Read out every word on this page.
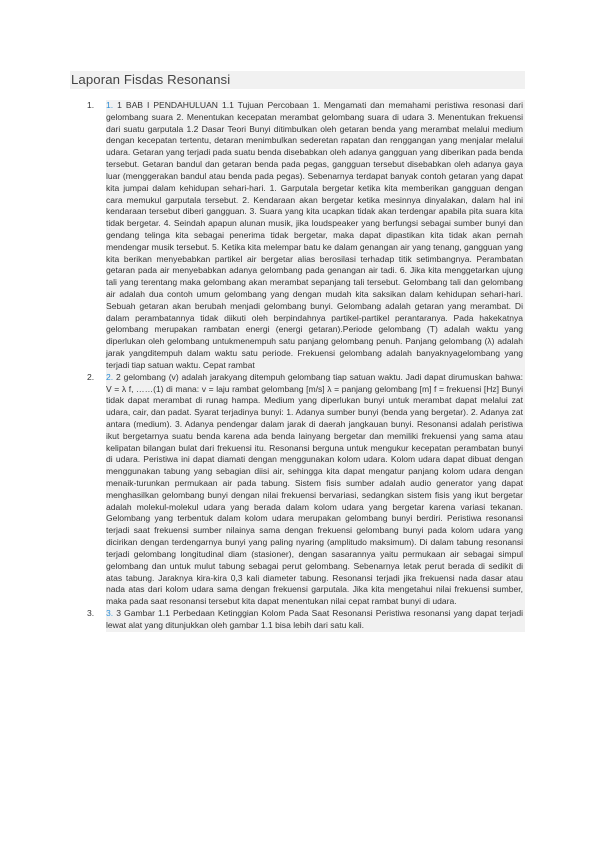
Laporan Fisdas Resonansi
1. 1. 1 BAB I PENDAHULUAN 1.1 Tujuan Percobaan 1. Mengamati dan memahami peristiwa resonasi dari gelombang suara 2. Menentukan kecepatan merambat gelombang suara di udara 3. Menentukan frekuensi dari suatu garputala 1.2 Dasar Teori Bunyi ditimbulkan oleh getaran benda yang merambat melalui medium dengan kecepatan tertentu, detaran menimbulkan sederetan rapatan dan renggangan yang menjalar melalui udara. Getaran yang terjadi pada suatu benda disebabkan oleh adanya gangguan yang diberikan pada benda tersebut. Getaran bandul dan getaran benda pada pegas, gangguan tersebut disebabkan oleh adanya gaya luar (menggerakan bandul atau benda pada pegas). Sebenarnya terdapat banyak contoh getaran yang dapat kita jumpai dalam kehidupan sehari-hari. 1. Garputala bergetar ketika kita memberikan gangguan dengan cara memukul garputala tersebut. 2. Kendaraan akan bergetar ketika mesinnya dinyalakan, dalam hal ini kendaraan tersebut diberi gangguan. 3. Suara yang kita ucapkan tidak akan terdengar apabila pita suara kita tidak bergetar. 4. Seindah apapun alunan musik, jika loudspeaker yang berfungsi sebagai sumber bunyi dan gendang telinga kita sebagai penerima tidak bergetar, maka dapat dipastikan kita tidak akan pernah mendengar musik tersebut. 5. Ketika kita melempar batu ke dalam genangan air yang tenang, gangguan yang kita berikan menyebabkan partikel air bergetar alias berosilasi terhadap titik setimbangnya. Perambatan getaran pada air menyebabkan adanya gelombang pada genangan air tadi. 6. Jika kita menggetarkan ujung tali yang terentang maka gelombang akan merambat sepanjang tali tersebut. Gelombang tali dan gelombang air adalah dua contoh umum gelombang yang dengan mudah kita saksikan dalam kehidupan sehari-hari. Sebuah getaran akan berubah menjadi gelombang bunyi. Gelombang adalah getaran yang merambat. Di dalam perambatannya tidak diikuti oleh berpindahnya partikel-partikel perantaranya. Pada hakekatnya gelombang merupakan rambatan energi (energi getaran).Periode gelombang (T) adalah waktu yang diperlukan oleh gelombang untukmenempuh satu panjang gelombang penuh. Panjang gelombang (λ) adalah jarak yangditempuh dalam waktu satu periode. Frekuensi gelombang adalah banyaknyagelombang yang terjadi tiap satuan waktu. Cepat rambat
2. 2. 2 gelombang (v) adalah jarakyang ditempuh gelombang tiap satuan waktu. Jadi dapat dirumuskan bahwa: V = λ f, ……(1) di mana: v = laju rambat gelombang [m/s] λ = panjang gelombang [m] f = frekuensi [Hz] Bunyi tidak dapat merambat di runag hampa. Medium yang diperlukan bunyi untuk merambat dapat melalui zat udara, cair, dan padat. Syarat terjadinya bunyi: 1. Adanya sumber bunyi (benda yang bergetar). 2. Adanya zat antara (medium). 3. Adanya pendengar dalam jarak di daerah jangkauan bunyi. Resonansi adalah peristiwa ikut bergetarnya suatu benda karena ada benda lainyang bergetar dan memiliki frekuensi yang sama atau kelipatan bilangan bulat dari frekuensi itu. Resonansi berguna untuk mengukur kecepatan perambatan bunyi di udara. Peristiwa ini dapat diamati dengan menggunakan kolom udara. Kolom udara dapat dibuat dengan menggunakan tabung yang sebagian diisi air, sehingga kita dapat mengatur panjang kolom udara dengan menaik-turunkan permukaan air pada tabung. Sistem fisis sumber adalah audio generator yang dapat menghasilkan gelombang bunyi dengan nilai frekuensi bervariasi, sedangkan sistem fisis yang ikut bergetar adalah molekul-molekul udara yang berada dalam kolom udara yang bergetar karena variasi tekanan. Gelombang yang terbentuk dalam kolom udara merupakan gelombang bunyi berdiri. Peristiwa resonansi terjadi saat frekuensi sumber nilainya sama dengan frekuensi gelombang bunyi pada kolom udara yang dicirikan dengan terdengarnya bunyi yang paling nyaring (amplitudo maksimum). Di dalam tabung resonansi terjadi gelombang longitudinal diam (stasioner), dengan sasarannya yaitu permukaan air sebagai simpul gelombang dan untuk mulut tabung sebagai perut gelombang. Sebenarnya letak perut berada di sedikit di atas tabung. Jaraknya kira-kira 0,3 kali diameter tabung. Resonansi terjadi jika frekuensi nada dasar atau nada atas dari kolom udara sama dengan frekuensi garputala. Jika kita mengetahui nilai frekuensi sumber, maka pada saat resonansi tersebut kita dapat menentukan nilai cepat rambat bunyi di udara.
3. 3. 3 Gambar 1.1 Perbedaan Ketinggian Kolom Pada Saat Resonansi Peristiwa resonansi yang dapat terjadi lewat alat yang ditunjukkan oleh gambar 1.1 bisa lebih dari satu kali.
